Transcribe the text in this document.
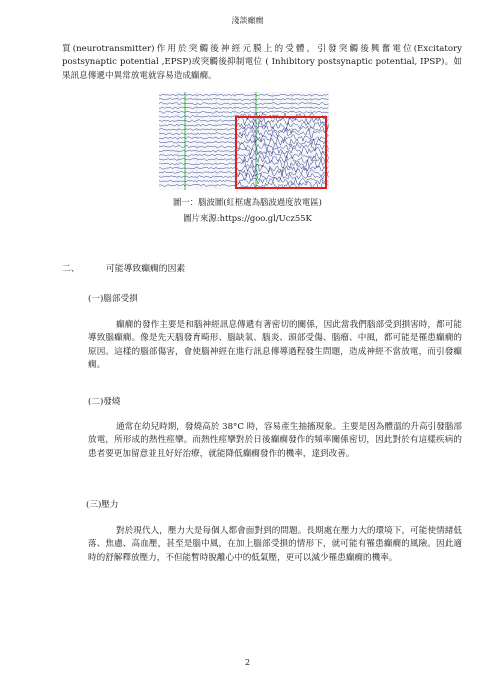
淺談癲癇

質(neurotransmitter)作用於突觸後神經元膜上的受體，引發突觸後興奮電位(Excitatory postsynaptic potential ,EPSP)或突觸後抑制電位 ( Inhibitory postsynaptic potential, IPSP)。如果訊息傳遞中異常放電就容易造成癲癇。

圖一：腦波圖(紅框處為腦波過度放電區)
圖片來源:https://goo.gl/Ucz55K
二、	可能導致癲癇的因素
(一)腦部受損

癲癇的發作主要是和腦神經訊息傳遞有著密切的關係，因此當我們腦部受到損害時，都可能導致腦癲癇。像是先天腦發育畸形、腦缺氧、腦炎、頭部受傷、腦瘤、中風，都可能是罹患癲癇的原因。這樣的腦部傷害，會使腦神經在進行訊息傳導過程發生問題，造成神經不當放電，而引發癲癇。

(二)發燒

通常在幼兒時期，發燒高於 38°C 時，容易產生抽搐現象。主要是因為體溫的升高引發腦部放電，所形成的熱性痙攣。而熱性痙攣對於日後癲癇發作的頻率關係密切，因此對於有這樣疾病的患者要更加留意並且好好治療，就能降低癲癇發作的機率，達到改善。

(三)壓力

對於現代人，壓力大是每個人都會面對到的問題。長期處在壓力大的環境下，可能使情緒低落、焦慮、高血壓，甚至是腦中風，在加上腦部受損的情形下，就可能有罹患癲癇的風險。因此適時的舒解釋放壓力，不但能暫時脫離心中的低氣壓，更可以減少罹患癲癇的機率。

2
